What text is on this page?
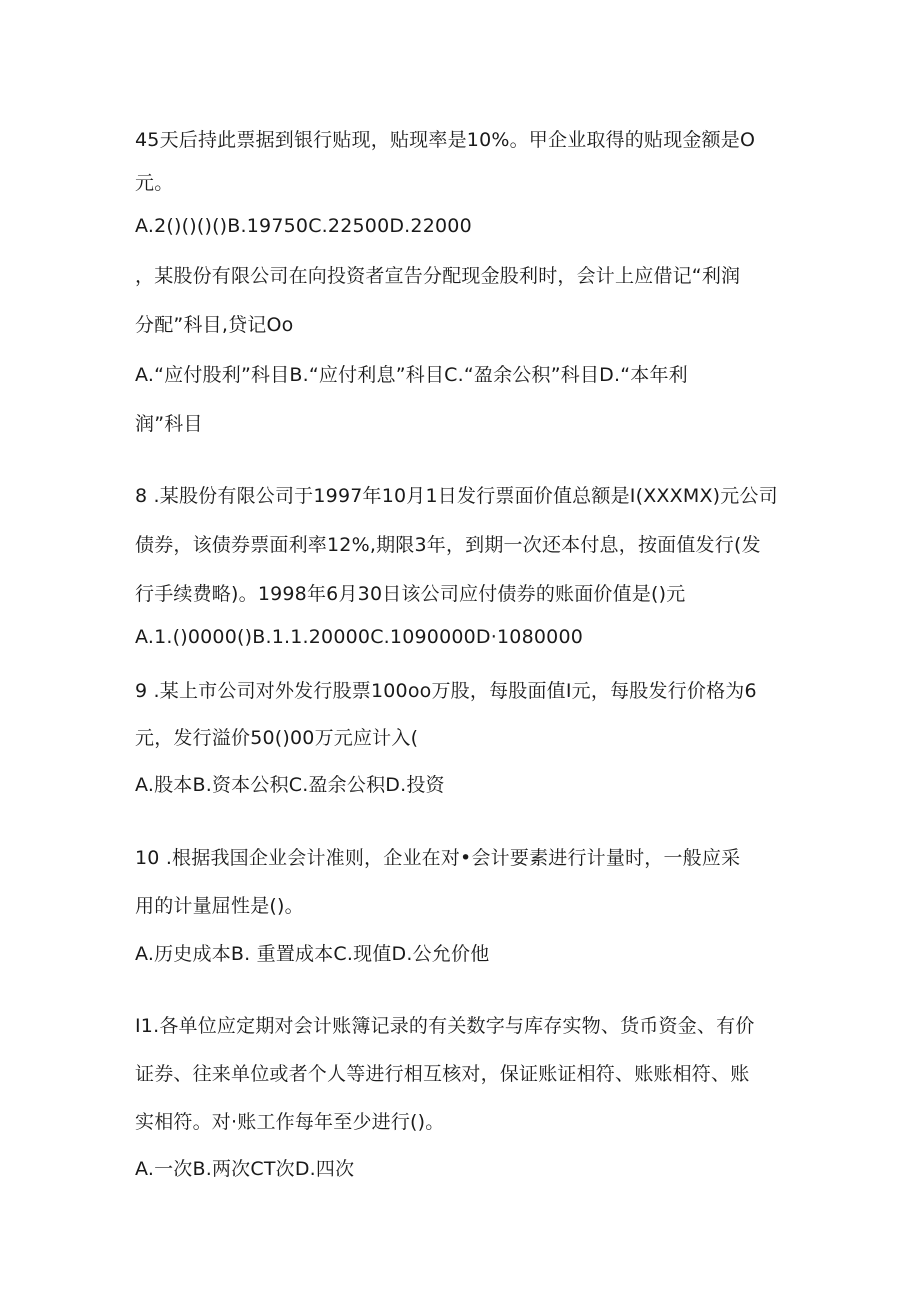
45天后持此票据到银行贴现，贴现率是10%。甲企业取得的贴现金额是O
元。
A.2()()()()B.19750C.22500D.22000
，某股份有限公司在向投资者宣告分配现金股利时，会计上应借记“利润
分配”科目,贷记Oo
A.“应付股利”科目B.“应付利息”科目C.“盈余公积”科目D.“本年利
润”科目
8 .某股份有限公司于1997年10月1日发行票面价值总额是I(XXXMX)元公司
债券，该债券票面利率12%,期限3年，到期一次还本付息，按面值发行(发
行手续费略)。1998年6月30日该公司应付债券的账面价值是()元
A.1.()0000()B.1.1.20000C.1090000D·1080000
9 .某上市公司对外发行股票100oo万股，每股面值I元，每股发行价格为6
元，发行溢价50()00万元应计入(
A.股本B.资本公积C.盈余公积D.投资
10 .根据我国企业会计准则，企业在对•会计要素进行计量时，一般应采
用的计量屈性是()。
A.历史成本B. 重置成本C.现值D.公允价他
I1.各单位应定期对会计账簿记录的有关数字与库存实物、货币资金、有价
证券、往来单位或者个人等进行相互核对，保证账证相符、账账相符、账
实相符。对·账工作每年至少进行()。
A.一次B.两次CT次D.四次
